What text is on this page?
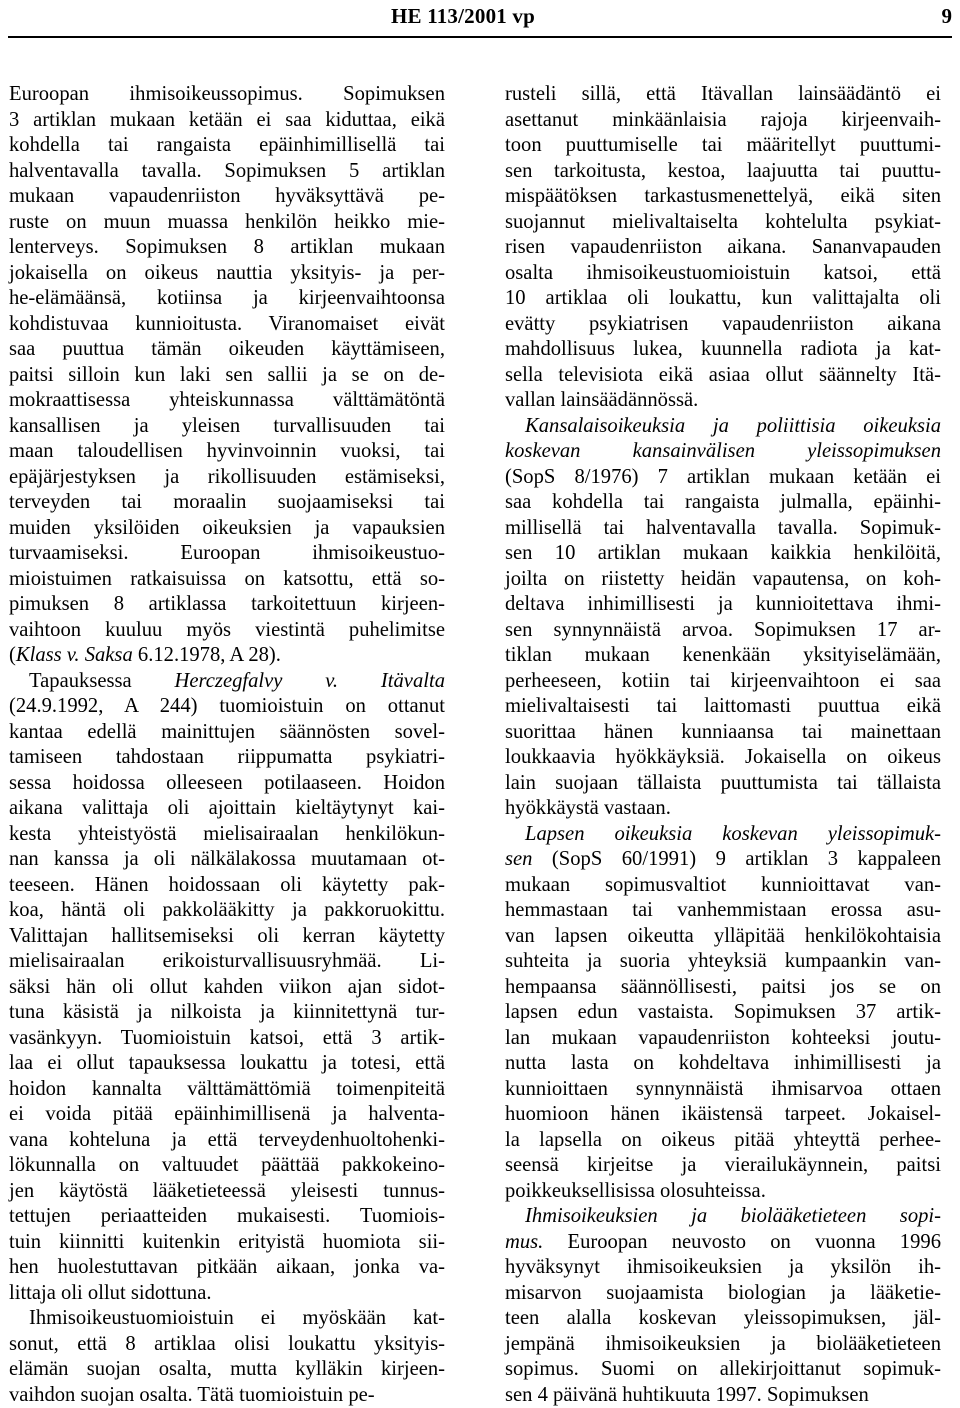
HE 113/2001 vp	9
Euroopan ihmisoikeussopimus. Sopimuksen
3 artiklan mukaan ketään ei saa kiduttaa, eikä
kohdella tai rangaista epäinhimillisellä tai
halventavalla tavalla. Sopimuksen 5 artiklan
mukaan vapaudenriiston hyväksyttävä pe-
ruste on muun muassa henkilön heikko mie-
lenterveys. Sopimuksen 8 artiklan mukaan
jokaisella on oikeus nauttia yksityis- ja per-
he-elämäänsä, kotiinsa ja kirjeenvaihtoonsa
kohdistuvaa kunnioitusta. Viranomaiset eivät
saa puuttua tämän oikeuden käyttämiseen,
paitsi silloin kun laki sen sallii ja se on de-
mokraattisessa yhteiskunnassa välttämätöntä
kansallisen ja yleisen turvallisuuden tai
maan taloudellisen hyvinvoinnin vuoksi, tai
epäjärjestyksen ja rikollisuuden estämiseksi,
terveyden tai moraalin suojaamiseksi tai
muiden yksilöiden oikeuksien ja vapauksien
turvaamiseksi. Euroopan ihmisoikeustuo-
mioistuimen ratkaisuissa on katsottu, että so-
pimuksen 8 artiklassa tarkoitettuun kirjeen-
vaihtoon kuuluu myös viestintä puhelimitse
(Klass v. Saksa 6.12.1978, A 28).
Tapauksessa Herczegfalvy v. Itävalta
(24.9.1992, A 244) tuomioistuin on ottanut
kantaa edellä mainittujen säännösten sovel-
tamiseen tahdostaan riippumatta psykiatri-
sessa hoidossa olleeseen potilaaseen. Hoidon
aikana valittaja oli ajoittain kieltäytynyt kai-
kesta yhteistyöstä mielisairaalan henkilökun-
nan kanssa ja oli nälkälakossa muutamaan ot-
teeseen. Hänen hoidossaan oli käytetty pak-
koa, häntä oli pakkolääkitty ja pakkoruokittu.
Valittajan hallitsemiseksi oli kerran käytetty
mielisairaalan erikoisturvallisuusryhmää. Li-
säksi hän oli ollut kahden viikon ajan sidot-
tuna käsistä ja nilkoista ja kiinnitettynä tur-
vasänkyyn. Tuomioistuin katsoi, että 3 artik-
laa ei ollut tapauksessa loukattu ja totesi, että
hoidon kannalta välttämättömiä toimenpiteitä
ei voida pitää epäinhimillisenä ja halventa-
vana kohteluna ja että terveydenhuoltohenki-
lökunnalla on valtuudet päättää pakkokeino-
jen käytöstä lääketieteessä yleisesti tunnus-
tettujen periaatteiden mukaisesti. Tuomiois-
tuin kiinnitti kuitenkin erityistä huomiota sii-
hen huolestuttavan pitkään aikaan, jonka va-
littaja oli ollut sidottuna.
Ihmisoikeustuomioistuin ei myöskään kat-
sonut, että 8 artiklaa olisi loukattu yksityis-
elämän suojan osalta, mutta kylläkin kirjeen-
vaihdon suojan osalta. Tätä tuomioistuin pe-
rusteli sillä, että Itävallan lainsäädäntö ei
asettanut minkäänlaisia rajoja kirjeenvaih-
toon puuttumiselle tai määritellyt puuttumi-
sen tarkoitusta, kestoa, laajuutta tai puuttu-
mispäätöksen tarkastusmenettelyä, eikä siten
suojannut mielivaltaiselta kohtelulta psykiat-
risen vapaudenriiston aikana. Sananvapauden
osalta ihmisoikeustuomioistuin katsoi, että
10 artiklaa oli loukattu, kun valittajalta oli
evätty psykiatrisen vapaudenriiston aikana
mahdollisuus lukea, kuunnella radiota ja kat-
sella televisiota eikä asiaa ollut säännelty Itä-
vallan lainsäädännössä.
Kansalaisoikeuksia ja poliittisia oikeuksia
koskevan kansainvälisen yleissopimuksen
(SopS 8/1976) 7 artiklan mukaan ketään ei
saa kohdella tai rangaista julmalla, epäinhi-
millisellä tai halventavalla tavalla. Sopimuk-
sen 10 artiklan mukaan kaikkia henkilöitä,
joilta on riistetty heidän vapautensa, on koh-
deltava inhimillisesti ja kunnioitettava ihmi-
sen synnynnäistä arvoa. Sopimuksen 17 ar-
tiklan mukaan kenenkään yksityiselämään,
perheeseen, kotiin tai kirjeenvaihtoon ei saa
mielivaltaisesti tai laittomasti puuttua eikä
suorittaa hänen kunniaansa tai mainettaan
loukkaavia hyökkäyksiä. Jokaisella on oikeus
lain suojaan tällaista puuttumista tai tällaista
hyökkäystä vastaan.
Lapsen oikeuksia koskevan yleissopimuk-
sen (SopS 60/1991) 9 artiklan 3 kappaleen
mukaan sopimusvaltiot kunnioittavat van-
hemmastaan tai vanhemmistaan erossa asu-
van lapsen oikeutta ylläpitää henkilökohtaisia
suhteita ja suoria yhteyksiä kumpaankin van-
hempaansa säännöllisesti, paitsi jos se on
lapsen edun vastaista. Sopimuksen 37 artik-
lan mukaan vapaudenriiston kohteeksi joutu-
nutta lasta on kohdeltava inhimillisesti ja
kunnioittaen synnynnäistä ihmisarvoa ottaen
huomioon hänen ikäistensä tarpeet. Jokaisel-
la lapsella on oikeus pitää yhteyttä perhee-
seensä kirjeitse ja vierailukäynnein, paitsi
poikkeuksellisissa olosuhteissa.
Ihmisoikeuksien ja biolääketieteen sopi-
mus. Euroopan neuvosto on vuonna 1996
hyväksynyt ihmisoikeuksien ja yksilön ih-
misarvon suojaamista biologian ja lääketie-
teen alalla koskevan yleissopimuksen, jäl-
jempänä ihmisoikeuksien ja biolääketieteen
sopimus. Suomi on allekirjoittanut sopimuk-
sen 4 päivänä huhtikuuta 1997. Sopimuksen
